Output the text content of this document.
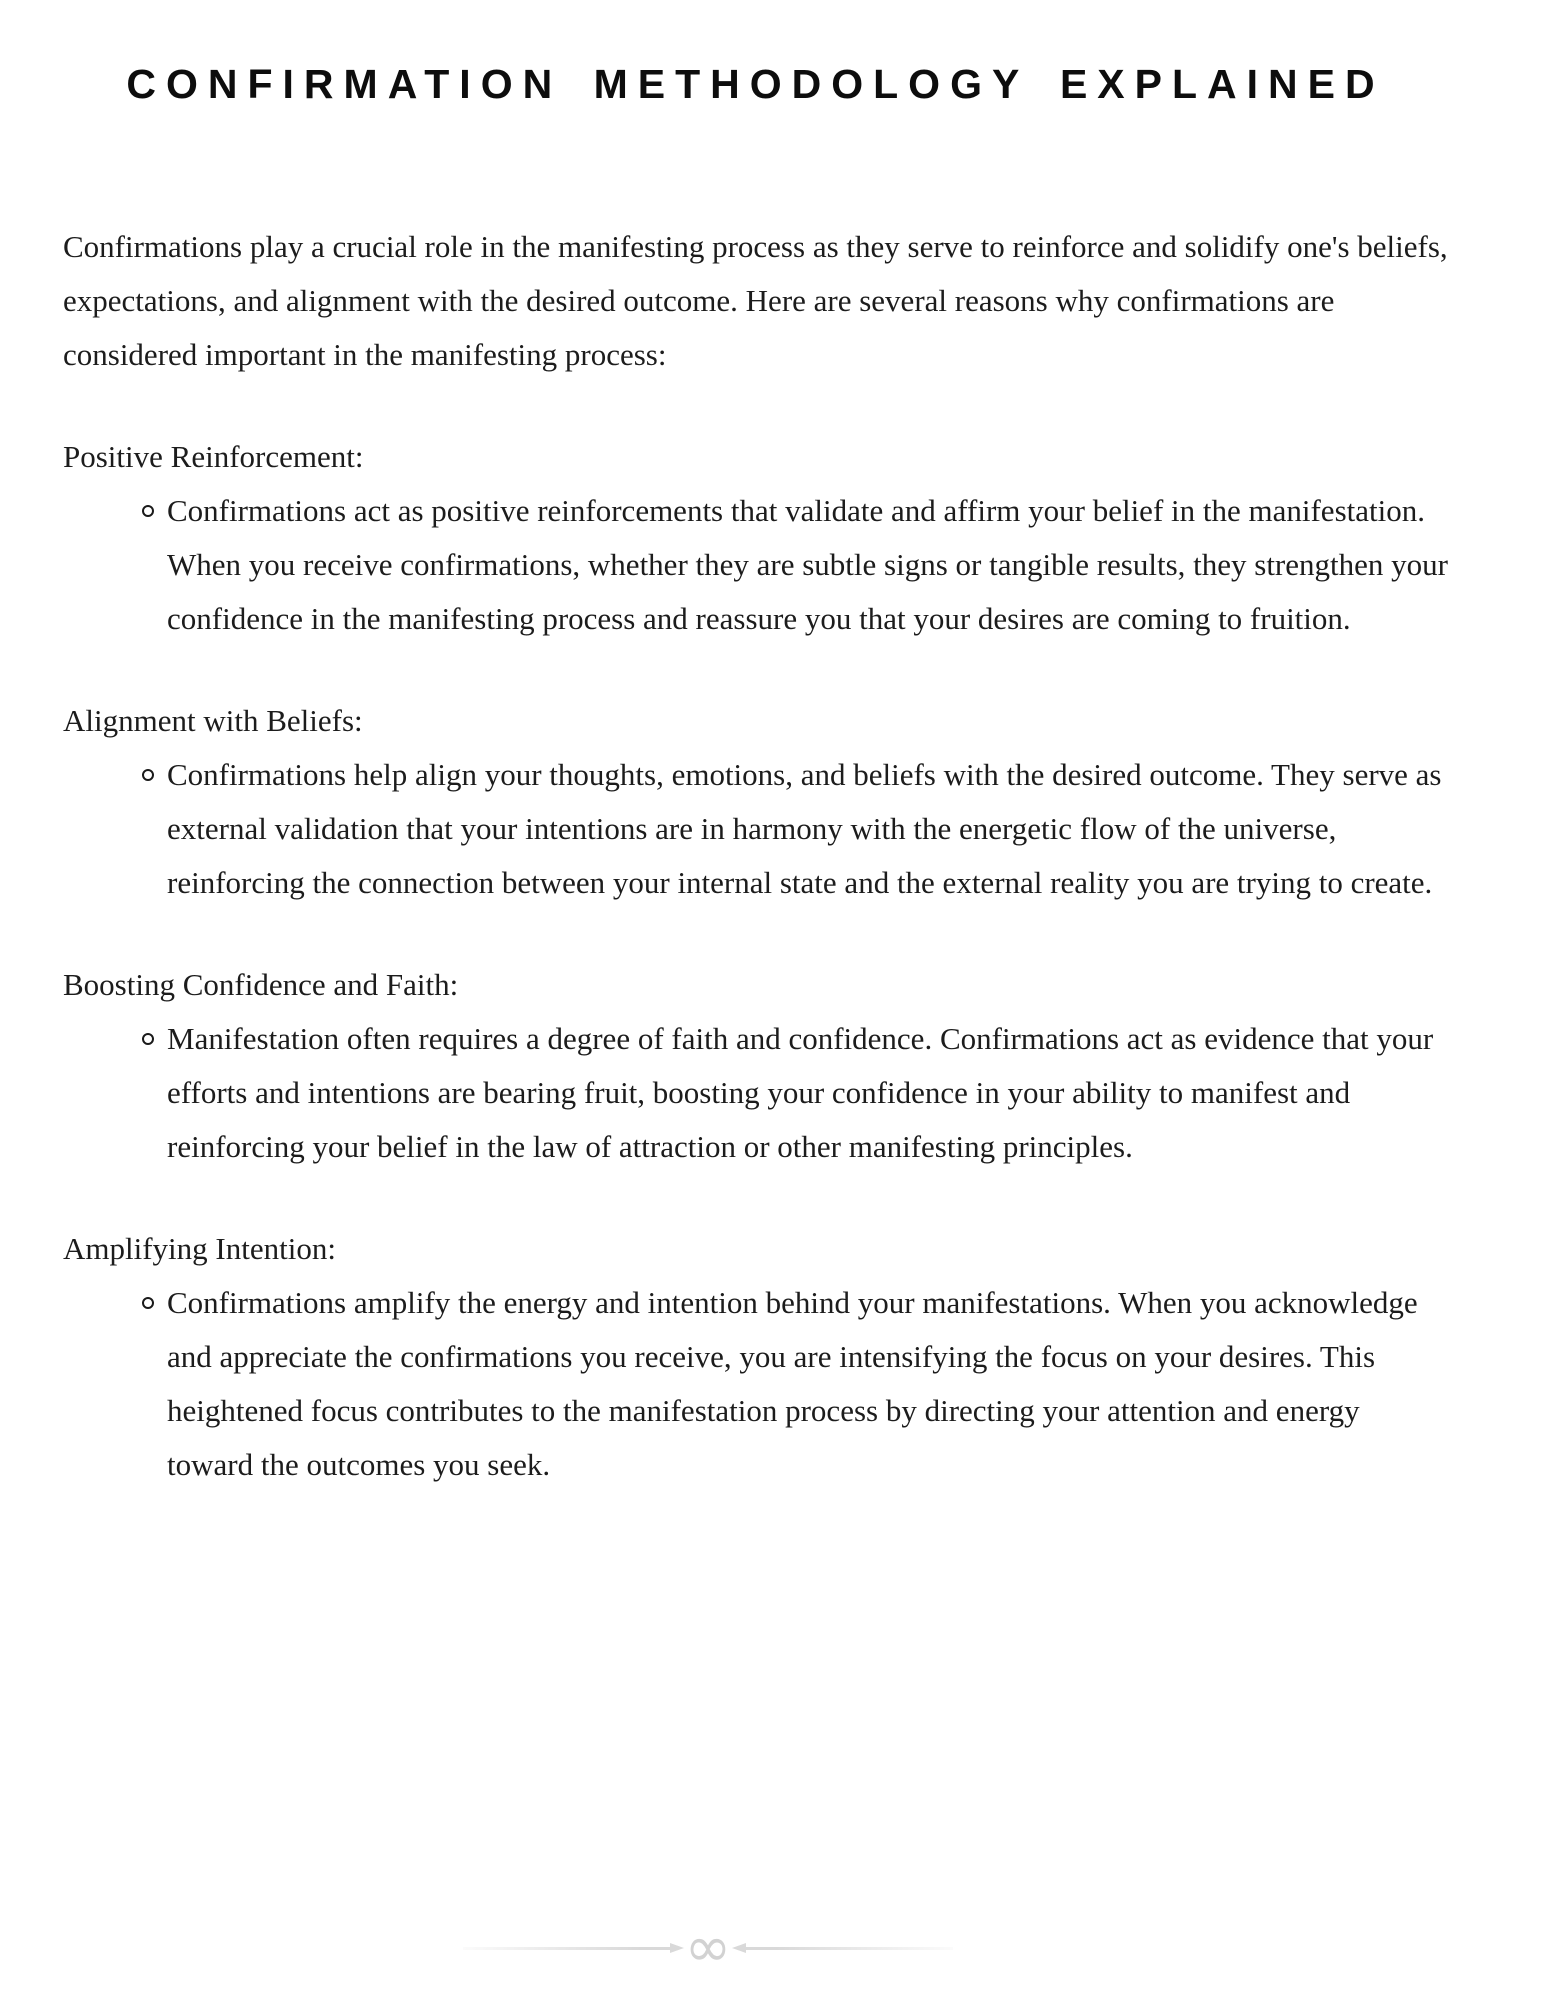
CONFIRMATION METHODOLOGY EXPLAINED

Confirmations play a crucial role in the manifesting process as they serve to reinforce and solidify one's beliefs, expectations, and alignment with the desired outcome. Here are several reasons why confirmations are considered important in the manifesting process:

Positive Reinforcement:
Confirmations act as positive reinforcements that validate and affirm your belief in the manifestation. When you receive confirmations, whether they are subtle signs or tangible results, they strengthen your confidence in the manifesting process and reassure you that your desires are coming to fruition.
Alignment with Beliefs:
Confirmations help align your thoughts, emotions, and beliefs with the desired outcome. They serve as external validation that your intentions are in harmony with the energetic flow of the universe, reinforcing the connection between your internal state and the external reality you are trying to create.
Boosting Confidence and Faith:
Manifestation often requires a degree of faith and confidence. Confirmations act as evidence that your efforts and intentions are bearing fruit, boosting your confidence in your ability to manifest and reinforcing your belief in the law of attraction or other manifesting principles.
Amplifying Intention:
Confirmations amplify the energy and intention behind your manifestations. When you acknowledge and appreciate the confirmations you receive, you are intensifying the focus on your desires. This heightened focus contributes to the manifestation process by directing your attention and energy toward the outcomes you seek.
∞
